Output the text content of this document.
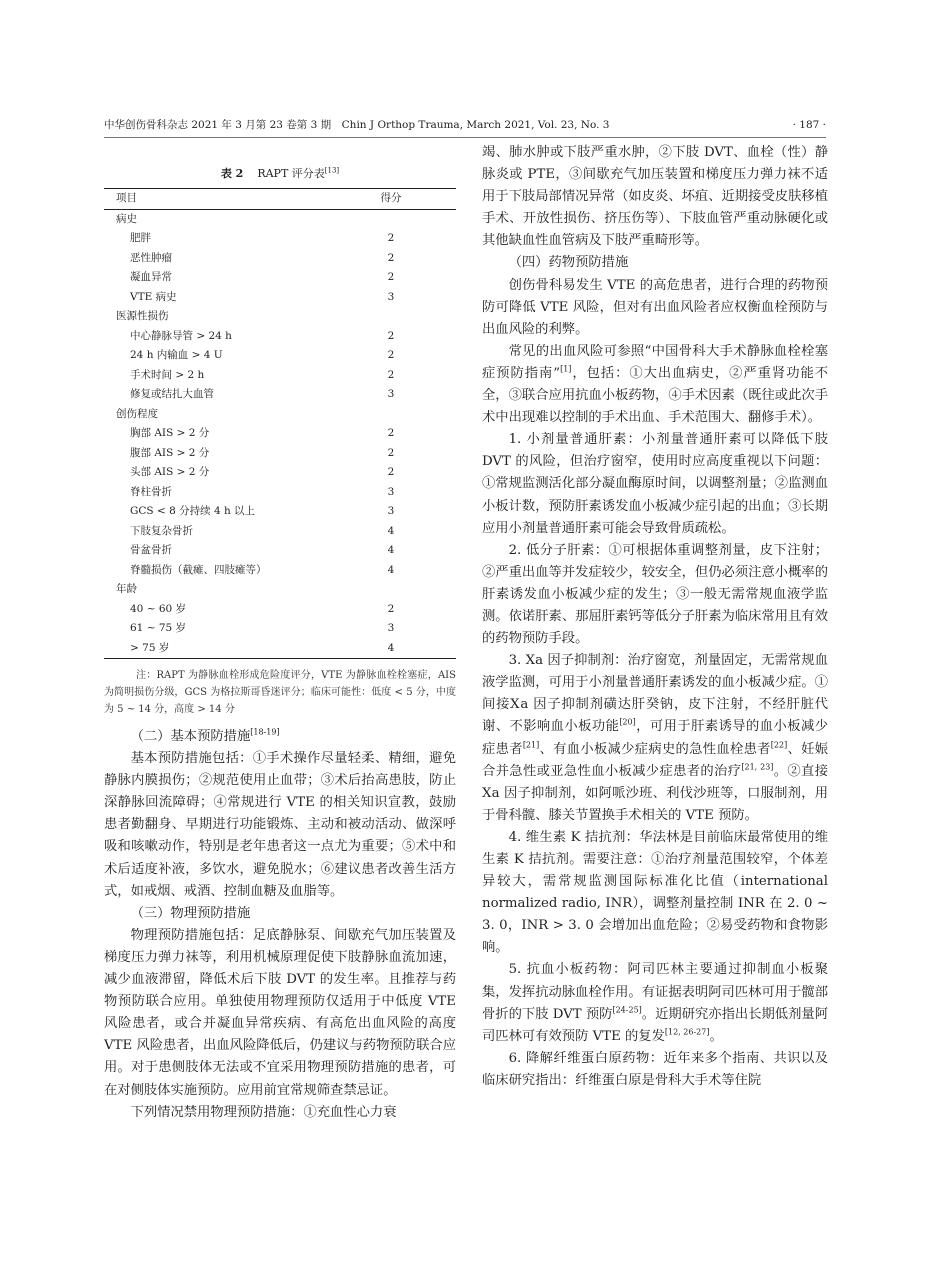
中华创伤骨科杂志 2021 年 3 月第 23 卷第 3 期　Chin J Orthop Trauma, March 2021, Vol. 23, No. 3	· 187 ·
表 2 RAPT 评分表[13]
项目	得分
病史	
肥胖	2
恶性肿瘤	2
凝血异常	2
VTE 病史	3
医源性损伤	
中心静脉导管 > 24 h	2
24 h 内输血 > 4 U	2
手术时间 > 2 h	2
修复或结扎大血管	3
创伤程度	
胸部 AIS > 2 分	2
腹部 AIS > 2 分	2
头部 AIS > 2 分	2
脊柱骨折	3
GCS < 8 分持续 4 h 以上	3
下肢复杂骨折	4
骨盆骨折	4
脊髓损伤（截瘫、四肢瘫等）	4
年龄	
40 ~ 60 岁	2
61 ~ 75 岁	3
> 75 岁	4
注：RAPT 为静脉血栓形成危险度评分，VTE 为静脉血栓栓塞症，AIS 为简明损伤分级，GCS 为格拉斯哥昏迷评分；临床可能性：低度 < 5 分，中度为 5 ~ 14 分，高度 > 14 分

（二）基本预防措施[18-19]

基本预防措施包括：①手术操作尽量轻柔、精细，避免静脉内膜损伤；②规范使用止血带；③术后抬高患肢，防止深静脉回流障碍；④常规进行 VTE 的相关知识宣教，鼓励患者勤翻身、早期进行功能锻炼、主动和被动活动、做深呼吸和咳嗽动作，特别是老年患者这一点尤为重要；⑤术中和术后适度补液，多饮水，避免脱水；⑥建议患者改善生活方式，如戒烟、戒酒、控制血糖及血脂等。

（三）物理预防措施

物理预防措施包括：足底静脉泵、间歇充气加压装置及梯度压力弹力袜等，利用机械原理促使下肢静脉血流加速，减少血液滞留，降低术后下肢 DVT 的发生率。且推荐与药物预防联合应用。单独使用物理预防仅适用于中低度 VTE 风险患者，或合并凝血异常疾病、有高危出血风险的高度 VTE 风险患者，出血风险降低后，仍建议与药物预防联合应用。对于患侧肢体无法或不宜采用物理预防措施的患者，可在对侧肢体实施预防。应用前宜常规筛查禁忌证。

下列情况禁用物理预防措施：①充血性心力衰

竭、肺水肿或下肢严重水肿，②下肢 DVT、血栓（性）静脉炎或 PTE，③间歇充气加压装置和梯度压力弹力袜不适用于下肢局部情况异常（如皮炎、坏疽、近期接受皮肤移植手术、开放性损伤、挤压伤等）、下肢血管严重动脉硬化或其他缺血性血管病及下肢严重畸形等。

（四）药物预防措施

创伤骨科易发生 VTE 的高危患者，进行合理的药物预防可降低 VTE 风险，但对有出血风险者应权衡血栓预防与出血风险的利弊。

常见的出血风险可参照“中国骨科大手术静脉血栓栓塞症预防指南”[1]，包括：①大出血病史，②严重肾功能不全，③联合应用抗血小板药物，④手术因素（既往或此次手术中出现难以控制的手术出血、手术范围大、翻修手术）。

1. 小剂量普通肝素：小剂量普通肝素可以降低下肢 DVT 的风险，但治疗窗窄，使用时应高度重视以下问题：①常规监测活化部分凝血酶原时间，以调整剂量；②监测血小板计数，预防肝素诱发血小板减少症引起的出血；③长期应用小剂量普通肝素可能会导致骨质疏松。

2. 低分子肝素：①可根据体重调整剂量，皮下注射；②严重出血等并发症较少，较安全，但仍必须注意小概率的肝素诱发血小板减少症的发生；③一般无需常规血液学监测。依诺肝素、那屈肝素钙等低分子肝素为临床常用且有效的药物预防手段。

3. Ⅹa 因子抑制剂：治疗窗宽，剂量固定，无需常规血液学监测，可用于小剂量普通肝素诱发的血小板减少症。①间接Ⅹa 因子抑制剂磺达肝癸钠，皮下注射，不经肝脏代谢、不影响血小板功能[20]，可用于肝素诱导的血小板减少症患者[21]、有血小板减少症病史的急性血栓患者[22]、妊娠合并急性或亚急性血小板减少症患者的治疗[21, 23]。②直接Ⅹa 因子抑制剂，如阿哌沙班、利伐沙班等，口服制剂，用于骨科髋、膝关节置换手术相关的 VTE 预防。

4. 维生素 K 拮抗剂：华法林是目前临床最常使用的维生素 K 拮抗剂。需要注意：①治疗剂量范围较窄，个体差异较大，需常规监测国际标准化比值（international normalized radio, INR），调整剂量控制 INR 在 2. 0 ~ 3. 0，INR > 3. 0 会增加出血危险；②易受药物和食物影响。

5. 抗血小板药物：阿司匹林主要通过抑制血小板聚集，发挥抗动脉血栓作用。有证据表明阿司匹林可用于髋部骨折的下肢 DVT 预防[24-25]。近期研究亦指出长期低剂量阿司匹林可有效预防 VTE 的复发[12, 26-27]。

6. 降解纤维蛋白原药物：近年来多个指南、共识以及临床研究指出：纤维蛋白原是骨科大手术等住院
